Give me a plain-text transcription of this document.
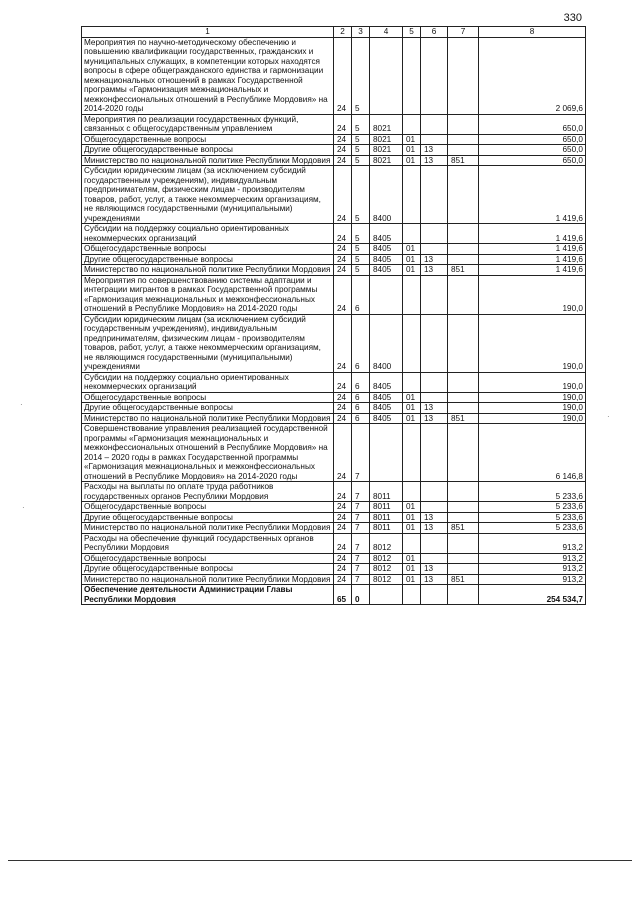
330
1	2	3	4	5	6	7	8
Мероприятия по научно-методическому обеспечению и повышению квалификации государственных, гражданских и муниципальных служащих, в компетенции которых находятся вопросы в сфере общегражданского единства и гармонизации межнациональных отношений в рамках Государственной программы «Гармонизация межнациональных и межконфессиональных отношений в Республике Мордовия» на 2014-2020 годы	24	5					2 069,6
Мероприятия по реализации государственных функций, связанных с общегосударственным управлением	24	5	8021				650,0
Общегосударственные вопросы	24	5	8021	01			650,0
Другие общегосударственные вопросы	24	5	8021	01	13		650,0
Министерство по национальной политике Республики Мордовия	24	5	8021	01	13	851	650,0
Субсидии юридическим лицам (за исключением субсидий государственным учреждениям), индивидуальным предпринимателям, физическим лицам - производителям товаров, работ, услуг, а также некоммерческим организациям, не являющимся государственными (муниципальными) учреждениями	24	5	8400				1 419,6
Субсидии на поддержку социально ориентированных некоммерческих организаций	24	5	8405				1 419,6
Общегосударственные вопросы	24	5	8405	01			1 419,6
Другие общегосударственные вопросы	24	5	8405	01	13		1 419,6
Министерство по национальной политике Республики Мордовия	24	5	8405	01	13	851	1 419,6
Мероприятия по совершенствованию системы адаптации и интеграции мигрантов в рамках Государственной программы «Гармонизация межнациональных и межконфессиональных отношений в Республике Мордовия» на 2014-2020 годы	24	6					190,0
Субсидии юридическим лицам (за исключением субсидий государственным учреждениям), индивидуальным предпринимателям, физическим лицам - производителям товаров, работ, услуг, а также некоммерческим организациям, не являющимся государственными (муниципальными) учреждениями	24	6	8400				190,0
Субсидии на поддержку социально ориентированных некоммерческих организаций	24	6	8405				190,0
Общегосударственные вопросы	24	6	8405	01			190,0
Другие общегосударственные вопросы	24	6	8405	01	13		190,0
Министерство по национальной политике Республики Мордовия	24	6	8405	01	13	851	190,0
Совершенствование управления реализацией государственной программы «Гармонизация межнациональных и межконфессиональных отношений в Республике Мордовия» на 2014 – 2020 годы в рамках Государственной программы «Гармонизация межнациональных и межконфессиональных отношений в Республике Мордовия» на 2014-2020 годы	24	7					6 146,8
Расходы на выплаты по оплате труда работников государственных органов Республики Мордовия	24	7	8011				5 233,6
Общегосударственные вопросы	24	7	8011	01			5 233,6
Другие общегосударственные вопросы	24	7	8011	01	13		5 233,6
Министерство по национальной политике Республики Мордовия	24	7	8011	01	13	851	5 233,6
Расходы на обеспечение функций государственных органов Республики Мордовия	24	7	8012				913,2
Общегосударственные вопросы	24	7	8012	01			913,2
Другие общегосударственные вопросы	24	7	8012	01	13		913,2
Министерство по национальной политике Республики Мордовия	24	7	8012	01	13	851	913,2
Обеспечение деятельности Администрации Главы Республики Мордовия	65	0					254 534,7
·
·
·
